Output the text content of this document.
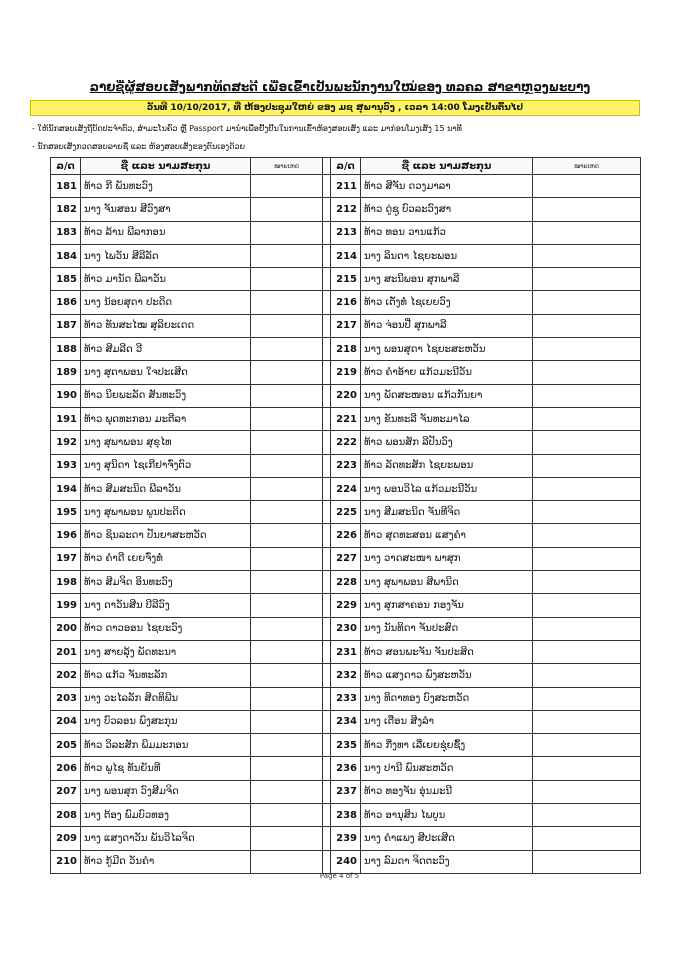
ລາຍຊື່ຜູ້ສອບເສັງພາກທິດສະດີ ເພື່ອເຂົ້າເປັນພະນັກງານໃໝ່ຂອງ ທລຄລ ສາຂາຫຼວງພະບາງ
ວັນທີ 10/10/2017, ທີ່ ຫ້ອງປະຊຸມໃຫຍ່ ຂອງ ມຊ ສຸພານຸວົງ , ເວລາ 14:00 ໂມງເປັນຕົ້ນໄປ
- ໃຫ້ນັກສອບເສັງຖືບັດປະຈຳຕົວ, ສຳມະໂນຄົວ ຫຼື Passport ມານຳເພື່ອຢັ້ງຢືນໃນການເຂົ້າຫ້ອງສອບເສັງ ແລະ ມາກ່ອນໂມງເສັງ 15 ນາທີ
- ນັກສອບເສັງກວດສອບລາຍຊື່ ແລະ ຫ້ອງສອບເສັງຂອງຕົນເອງດ້ວຍ
ລ/ດ	ຊື່ ແລະ ນາມສະກຸນ	ໝາຍເຫດ		ລ/ດ	ຊື່ ແລະ ນາມສະກຸນ	ໝາຍເຫດ
181	ທ້າວ ກີ ພັນທະວົງ			211	ທ້າວ ສີຈັນ ດວງມາລາ	
182	ນາງ ຈັນສອນ ສີວົງສາ			212	ທ້າວ ດູ່ຊູ ບົວລະວົງສາ	
183	ທ້າວ ລ້ານ ພີລາກອນ			213	ທ້າວ ທອນ ວານແກ້ວ	
184	ນາງ ໄພວັນ ສີລີລັດ			214	ນາງ ລິນດາ ໄຊຍະພອນ	
185	ທ້າວ ມານັດ ພີລາວັນ			215	ນາງ ສະນິພອນ ສຸກພາລີ	
186	ນາງ ນ້ອຍສຸດາ ປະດິດ			216	ທ້າວ ເຕັ່ງທໍ່ ໄຊເຍຍວົງ	
187	ທ້າວ ທັນສະໄໝ ສຸລິຍະເດດ			217	ທ້າວ ຈ່ອນປີ່ ສຸກພາລີ	
188	ທ້າວ ສີມລີດ ວີ			218	ນາງ ພອນສຸດາ ໄຊຍະສະຫວັນ	
189	ນາງ ສຸດາພອນ ໃຈປະເສີດ			219	ທ້າວ ຄຳອ້າຍ ແກ້ວມະນີວັນ	
190	ທ້າວ ນິຍພະລັດ ສັນທະວົງ			220	ນາງ ພັດສະໜອນ ແກ້ວກັນຍາ	
191	ທ້າວ ພຸດທະກອນ ມະຕີລາ			221	ນາງ ຂັນທະລີ ຈັນທະມາໄລ	
192	ນາງ ສຸພາພອນ ສຸຂຸໄທ			222	ທ້າວ ພອນສັກ ລີປັນວົງ	
193	ນາງ ສຸນິດາ ໄຊເກີຢາຈົ່ງຕົວ			223	ທ້າວ ລັດທະສັກ ໄຊຍະພອນ	
194	ທ້າວ ສີມສະນິດ ພີລາວັນ			224	ນາງ ພອນວິໄລ ແກ້ວມະນີວັນ	
195	ນາງ ສຸພາພອນ ພູນປະດິດ			225	ນາງ ສີມສະນິດ ຈັນທີຈິດ	
196	ທ້າວ ຊິນລະດາ ປັນຍາສະຫວັດ			226	ທ້າວ ສຸດທະສອນ ແສງຄຳ	
197	ທ້າວ ຄຳດີ ເຍຍຈົ່ງທໍ່			227	ນາງ ວາດສະໜາ ພາສຸກ	
198	ທ້າວ ສີມຈິດ ອິນທະວົງ			228	ນາງ ສຸພາພອນ ສີພານິດ	
199	ນາງ ດາວັນສີນ ບີລີວົງ			229	ນາງ ສຸກສາຄອນ ກອງຈັນ	
200	ທ້າວ ດາວອອນ ໄຊຍະວົງ			230	ນາງ ນັນທິດາ ຈັນປະສົດ	
201	ນາງ ສາຍລຸ້ງ ພັດທະນາ			231	ທ້າວ ສອນພະຈັນ ຈັນປະສິດ	
202	ທ້າວ ແກ້ວ ຈັນທະລັກ			232	ທ້າວ ແສງດາວ ພົງສະຫວັນ	
203	ນາງ ວະໄລລັກ ສີດທິພີນ			233	ນາງ ທິດາທອງ ບົງສະຫວັດ	
204	ນາງ ບົວລອນ ພົງສະກຸນ			234	ນາງ ເຕືອນ ສີງລຳ	
205	ທ້າວ ວິລະສັກ ພິມມະກອນ			235	ທ້າວ ກີ່ງທາ ເລີ່ເຍຍຊຸ່ຍຊົ້ງ	
206	ທ້າວ ພູໄຊ ທັນຍັນທີ			236	ນາງ ປານີ ພົນສະຫວັດ	
207	ນາງ ພອນສຸກ ວົງສີມຈິດ			237	ທ້າວ ທອງຈັນ ອຸ່ນມະນີ	
208	ນາງ ຕ້ອງ ພົມບົວທອງ			238	ທ້າວ ອານຸສິນ ໄພບູນ	
209	ນາງ ແສງດາວັນ ພັນວິໄລຈິດ			239	ນາງ ຄຳແພງ ສີປະເສີດ	
210	ທ້າວ ກູ້ມີດ ວັນຄຳ			240	ນາງ ລົມດາ ຈິດຕະວົງ	
Page 4 of 5
